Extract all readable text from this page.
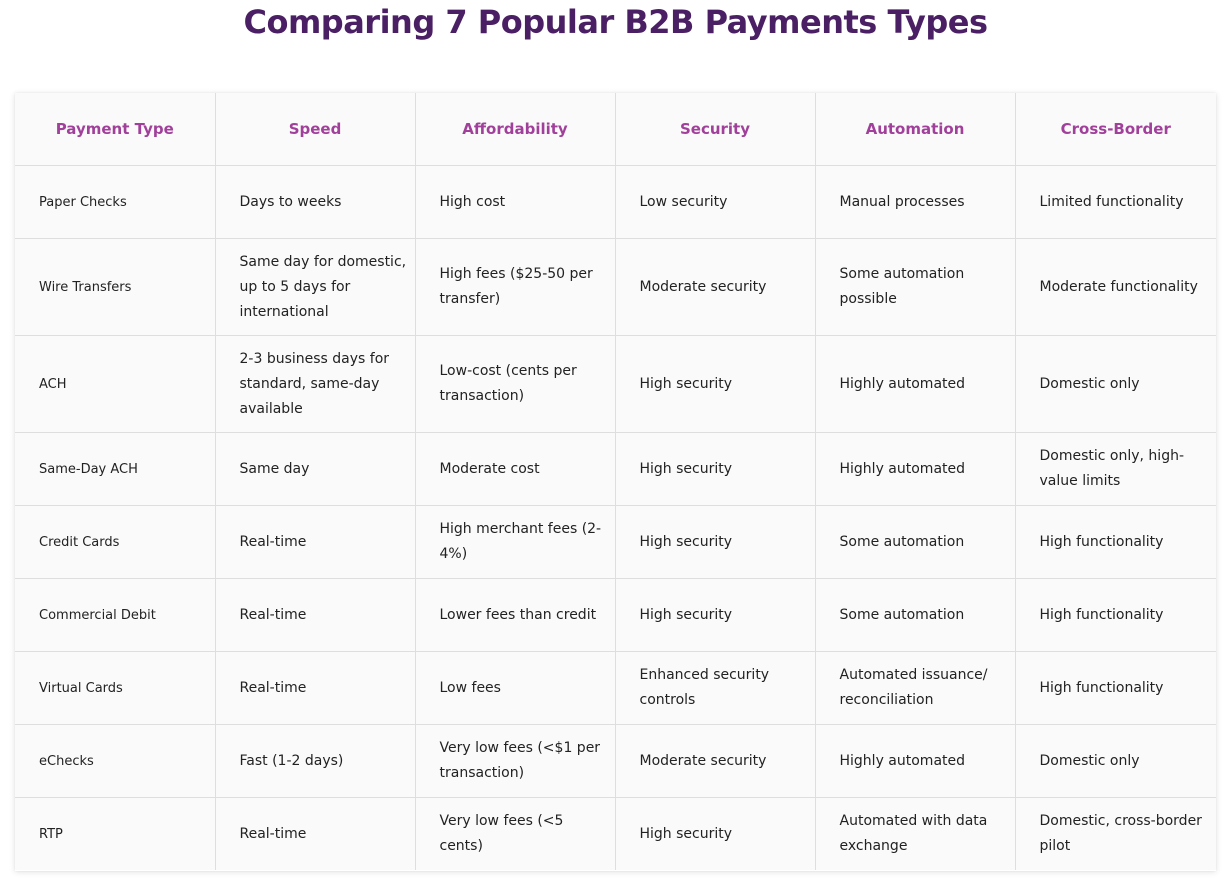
Comparing 7 Popular B2B Payments Types
Payment Type	Speed	Affordability	Security	Automation	Cross-Border
Paper Checks	Days to weeks	High cost	Low security	Manual processes	Limited functionality
Wire Transfers	Same day for domestic, up to 5 days for international	High fees ($25-50 per transfer)	Moderate security	Some automation possible	Moderate functionality
ACH	2-3 business days for standard, same-day available	Low-cost (cents per transaction)	High security	Highly automated	Domestic only
Same-Day ACH	Same day	Moderate cost	High security	Highly automated	Domestic only, high-value limits
Credit Cards	Real-time	High merchant fees (2-4%)	High security	Some automation	High functionality
Commercial Debit	Real-time	Lower fees than credit	High security	Some automation	High functionality
Virtual Cards	Real-time	Low fees	Enhanced security controls	Automated issuance/ reconciliation	High functionality
eChecks	Fast (1-2 days)	Very low fees (<$1 per transaction)	Moderate security	Highly automated	Domestic only
RTP	Real-time	Very low fees (<5 cents)	High security	Automated with data exchange	Domestic, cross-border pilot
